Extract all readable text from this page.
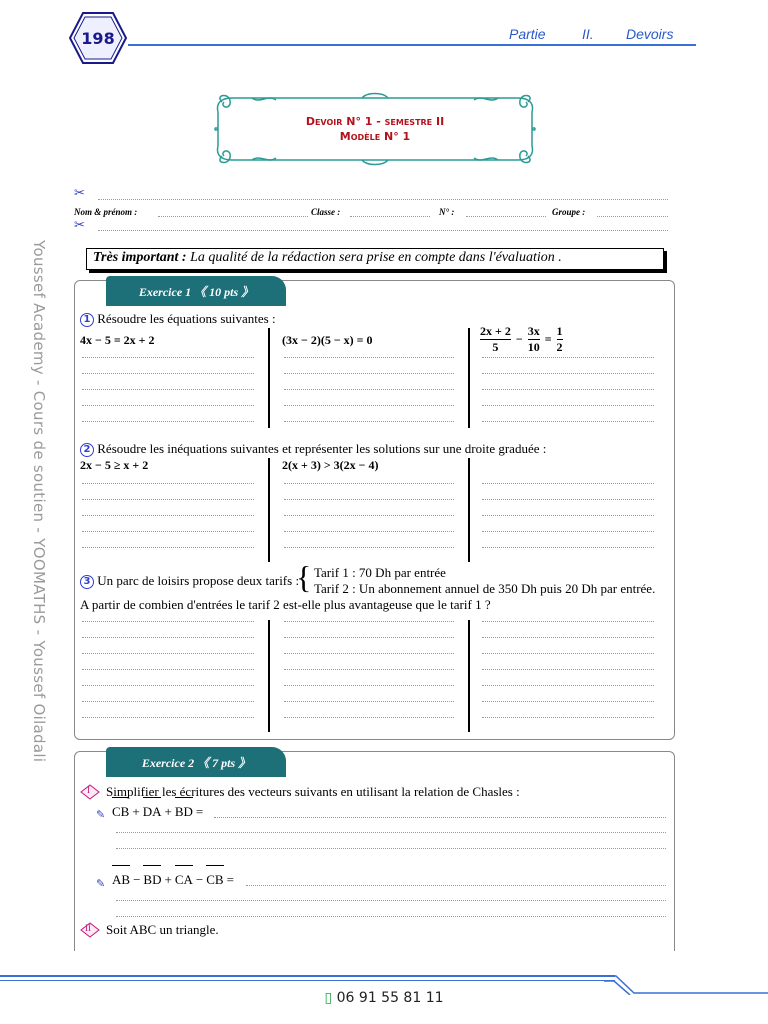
198	Partie	II. Devoirs
Devoir N° 1 - semestre II
Modèle N° 1
✂
Nom & prénom :	Classe :	N° :	Groupe :
✂
Très important : La qualité de la rédaction sera prise en compte dans l'évaluation .
Exercice 1 《 10 pts 》
1 Résoudre les équations suivantes :
4x − 5 = 2x + 2	(3x − 2)(5 − x) = 0	$\frac{2x + 2}{5} - \frac{3x}{10} = \frac{1}{2}$
2 Résoudre les inéquations suivantes et représenter les solutions sur une droite graduée :
2x − 5 ≥ x + 2	2(x + 3) > 3(2x − 4)
3 Un parc de loisirs propose deux tarifs :
{ Tarif 1 : 70 Dh par entrée
Tarif 2 : Un abonnement annuel de 350 Dh puis 20 Dh par entrée.
A partir de combien d'entrées le tarif 2 est-elle plus avantageuse que le tarif 1 ?
Exercice 2 《 7 pts 》
I Simplifier les écritures des vecteurs suivants en utilisant la relation de Chasles :
✎ CB + DA + BD =
✎ AB − BD + CA − CB =
II Soit ABC un triangle.
Youssef Academy - Cours de soutien - YOOMATHS - Youssef Oiladali
▯ 06 91 55 81 11
